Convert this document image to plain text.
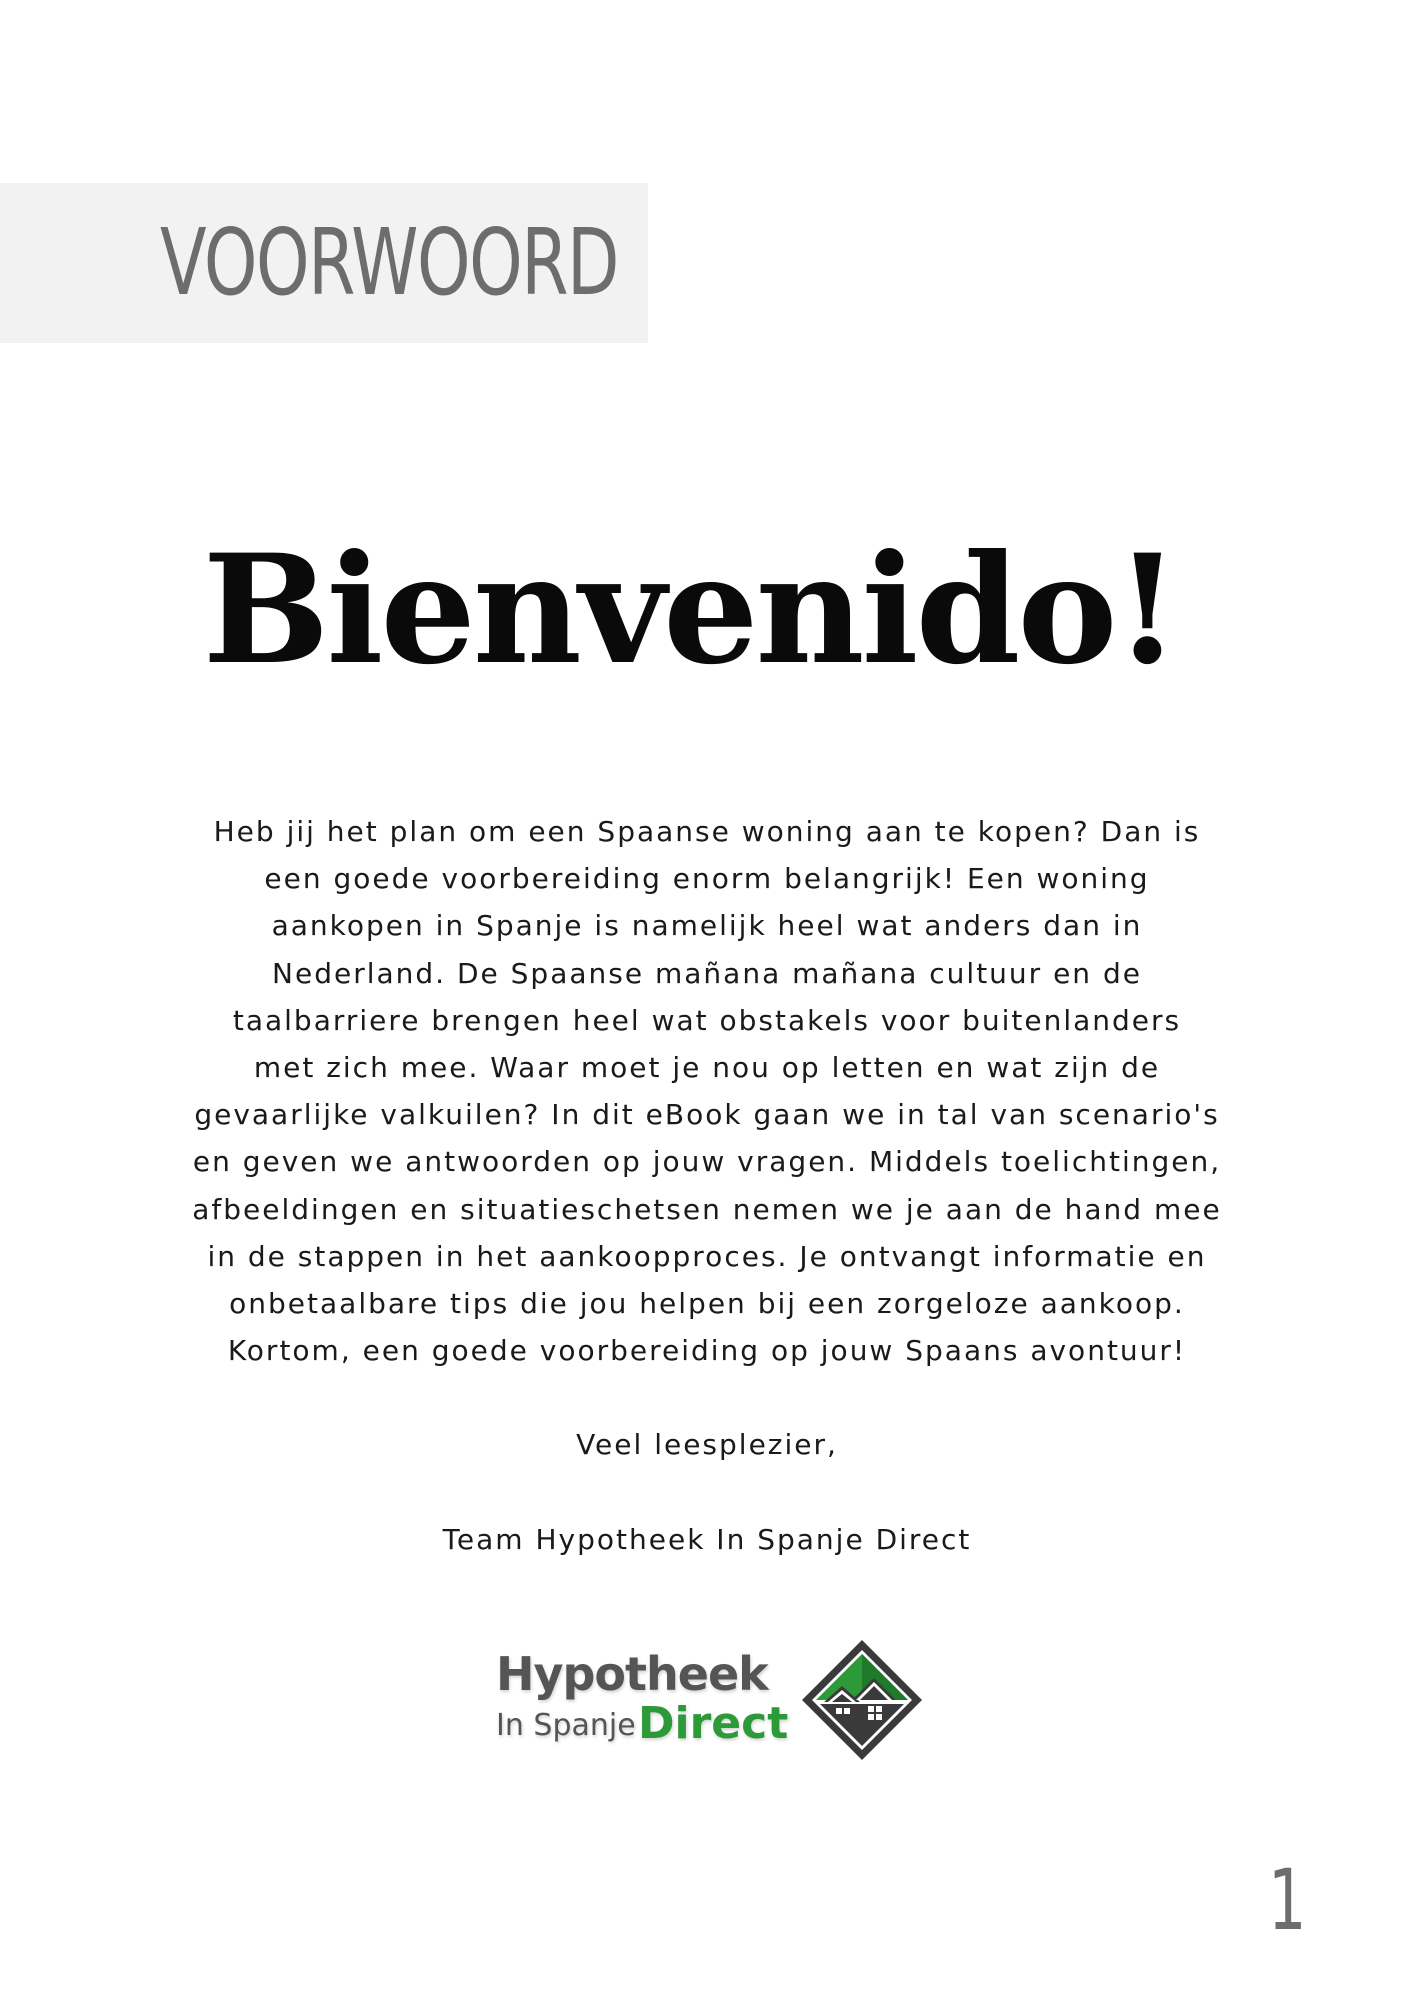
VOORWOORD
Bienvenido!

Heb jij het plan om een Spaanse woning aan te kopen? Dan is
een goede voorbereiding enorm belangrijk! Een woning
aankopen in Spanje is namelijk heel wat anders dan in
Nederland. De Spaanse mañana mañana cultuur en de
taalbarriere brengen heel wat obstakels voor buitenlanders
met zich mee. Waar moet je nou op letten en wat zijn de
gevaarlijke valkuilen? In dit eBook gaan we in tal van scenario's
en geven we antwoorden op jouw vragen. Middels toelichtingen,
afbeeldingen en situatieschetsen nemen we je aan de hand mee
in de stappen in het aankoopproces. Je ontvangt informatie en
onbetaalbare tips die jou helpen bij een zorgeloze aankoop.
Kortom, een goede voorbereiding op jouw Spaans avontuur!

Veel leesplezier,
Team Hypotheek In Spanje Direct
Hypotheek
In Spanje Direct
1
